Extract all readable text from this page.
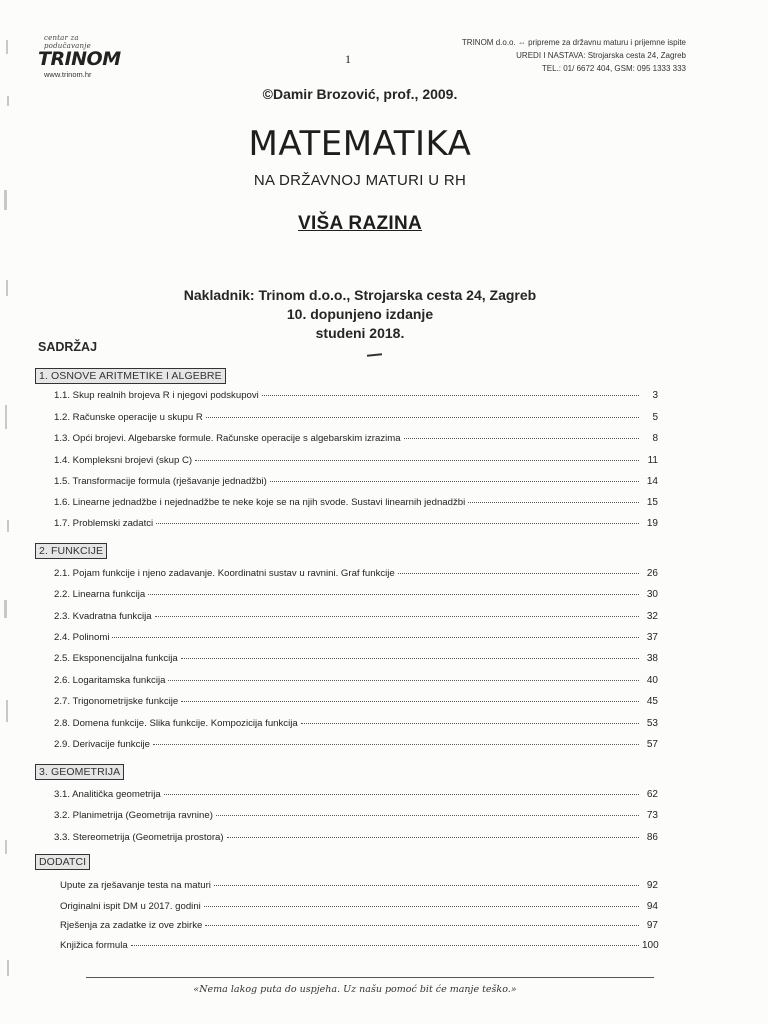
centar za podučavanje
TRINOM
www.trinom.hr
1
TRINOM d.o.o. ⇔ pripreme za državnu maturu i prijemne ispite
UREDI I NASTAVA: Strojarska cesta 24, Zagreb
TEL.: 01/ 6672 404, GSM: 095 1333 333
©Damir Brozović, prof., 2009.
MATEMATIKA
NA DRŽAVNOJ MATURI U RH
VIŠA RAZINA
Nakladnik: Trinom d.o.o., Strojarska cesta 24, Zagreb
10. dopunjeno izdanje
studeni 2018.
SADRŽAJ
1. OSNOVE ARITMETIKE I ALGEBRE
2. FUNKCIJE
3. GEOMETRIJA
DODATCI
1.1. Skup realnih brojeva R i njegovi podskupovi	3
1.2. Računske operacije u skupu R	5
1.3. Opći brojevi. Algebarske formule. Računske operacije s algebarskim izrazima	8
1.4. Kompleksni brojevi (skup C)	11
1.5. Transformacije formula (rješavanje jednadžbi)	14
1.6. Linearne jednadžbe i nejednadžbe te neke koje se na njih svode. Sustavi linearnih jednadžbi	15
1.7. Problemski zadatci	19
2.1. Pojam funkcije i njeno zadavanje. Koordinatni sustav u ravnini. Graf funkcije	26
2.2. Linearna funkcija	30
2.3. Kvadratna funkcija	32
2.4. Polinomi	37
2.5. Eksponencijalna funkcija	38
2.6. Logaritamska funkcija	40
2.7. Trigonometrijske funkcije	45
2.8. Domena funkcije. Slika funkcije. Kompozicija funkcija	53
2.9. Derivacije funkcije	57
3.1. Analitička geometrija	62
3.2. Planimetrija (Geometrija ravnine)	73
3.3. Stereometrija (Geometrija prostora)	86
Upute za rješavanje testa na maturi	92
Originalni ispit DM u 2017. godini	94
Rješenja za zadatke iz ove zbirke	97
Knjižica formula	100
«Nema lakog puta do uspjeha. Uz našu pomoć bit će manje teško.»
